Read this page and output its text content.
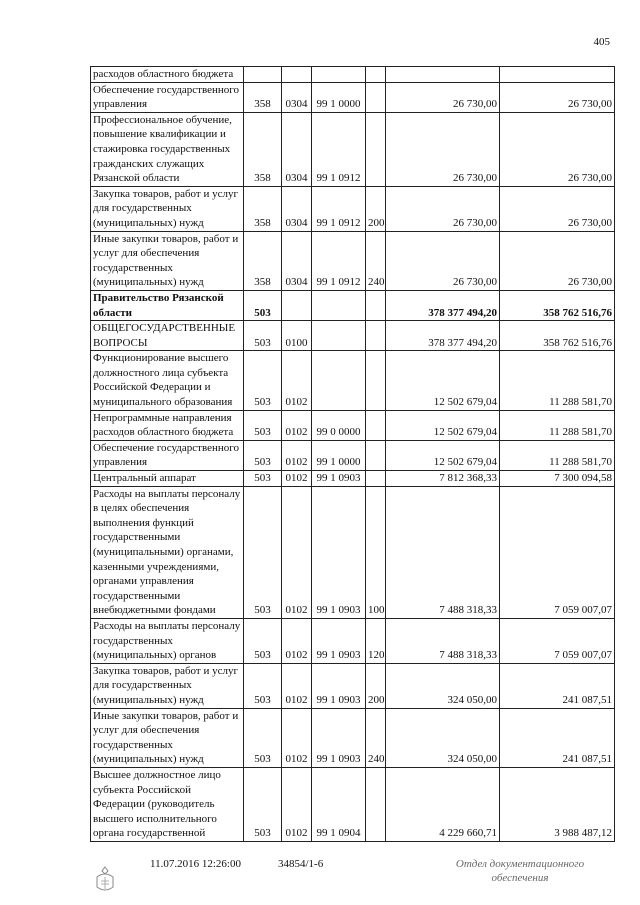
405
расходов областного бюджета						
Обеспечение государственного управления	358	0304	99 1 0000		26 730,00	26 730,00
Профессиональное обучение, повышение квалификации и стажировка государственных гражданских служащих Рязанской области	358	0304	99 1 0912		26 730,00	26 730,00
Закупка товаров, работ и услуг для государственных (муниципальных) нужд	358	0304	99 1 0912	200	26 730,00	26 730,00
Иные закупки товаров, работ и услуг для обеспечения государственных (муниципальных) нужд	358	0304	99 1 0912	240	26 730,00	26 730,00
Правительство Рязанской области	503				378 377 494,20	358 762 516,76
ОБЩЕГОСУДАРСТВЕННЫЕ ВОПРОСЫ	503	0100			378 377 494,20	358 762 516,76
Функционирование высшего должностного лица субъекта Российской Федерации и муниципального образования	503	0102			12 502 679,04	11 288 581,70
Непрограммные направления расходов областного бюджета	503	0102	99 0 0000		12 502 679,04	11 288 581,70
Обеспечение государственного управления	503	0102	99 1 0000		12 502 679,04	11 288 581,70
Центральный аппарат	503	0102	99 1 0903		7 812 368,33	7 300 094,58
Расходы на выплаты персоналу в целях обеспечения выполнения функций государственными (муниципальными) органами, казенными учреждениями, органами управления государственными внебюджетными фондами	503	0102	99 1 0903	100	7 488 318,33	7 059 007,07
Расходы на выплаты персоналу государственных (муниципальных) органов	503	0102	99 1 0903	120	7 488 318,33	7 059 007,07
Закупка товаров, работ и услуг для государственных (муниципальных) нужд	503	0102	99 1 0903	200	324 050,00	241 087,51
Иные закупки товаров, работ и услуг для обеспечения государственных (муниципальных) нужд	503	0102	99 1 0903	240	324 050,00	241 087,51
Высшее должностное лицо субъекта Российской Федерации (руководитель высшего исполнительного органа государственной	503	0102	99 1 0904		4 229 660,71	3 988 487,12
11.07.2016 12:26:00	34854/1-6	Отдел документационного обеспечения
